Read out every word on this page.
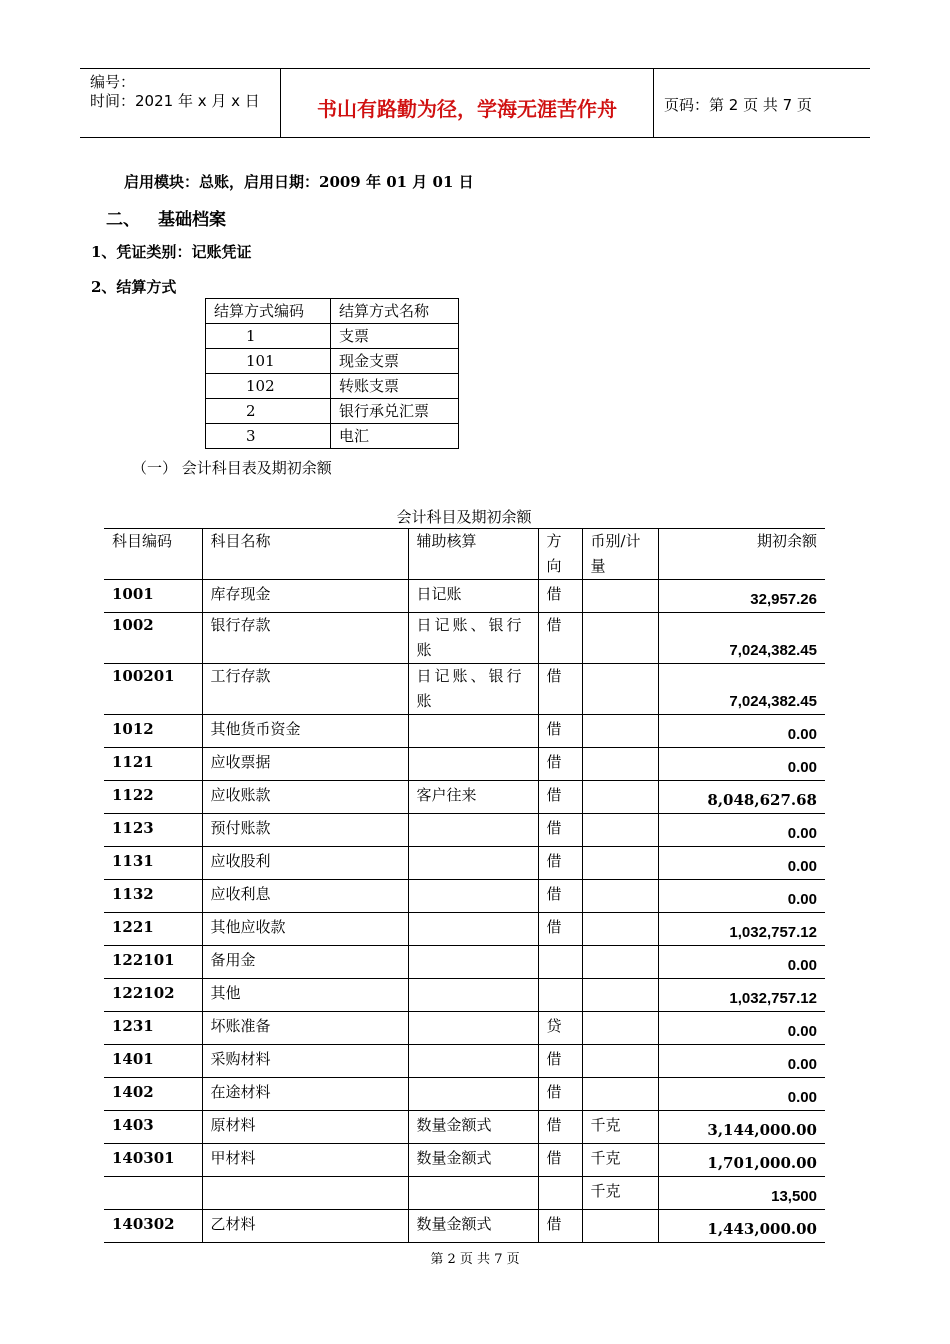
编号：
时间：2021 年 x 月 x 日	书山有路勤为径，学海无涯苦作舟	页码：第 2 页 共 7 页
启用模块：总账，启用日期：2009 年 01 月 01 日
二、 基础档案
1、凭证类别：记账凭证
2、结算方式
结算方式编码	结算方式名称
1	支票
101	现金支票
102	转账支票
2	银行承兑汇票
3	电汇
（一） 会计科目表及期初余额
会计科目及期初余额
科目编码	科目名称	辅助核算	方向	币别/计量	期初余额
1001	库存现金	日记账	借		32,957.26
1002	银行存款	日记账、银行账	借		7,024,382.45
100201	工行存款	日记账、银行账	借		7,024,382.45
1012	其他货币资金		借		0.00
1121	应收票据		借		0.00
1122	应收账款	客户往来	借		8,048,627.68
1123	预付账款		借		0.00
1131	应收股利		借		0.00
1132	应收利息		借		0.00
1221	其他应收款		借		1,032,757.12
122101	备用金				0.00
122102	其他				1,032,757.12
1231	坏账准备		贷		0.00
1401	采购材料		借		0.00
1402	在途材料		借		0.00
1403	原材料	数量金额式	借	千克	3,144,000.00
140301	甲材料	数量金额式	借	千克	1,701,000.00
				千克	13,500
140302	乙材料	数量金额式	借		1,443,000.00
第 2 页 共 7 页
